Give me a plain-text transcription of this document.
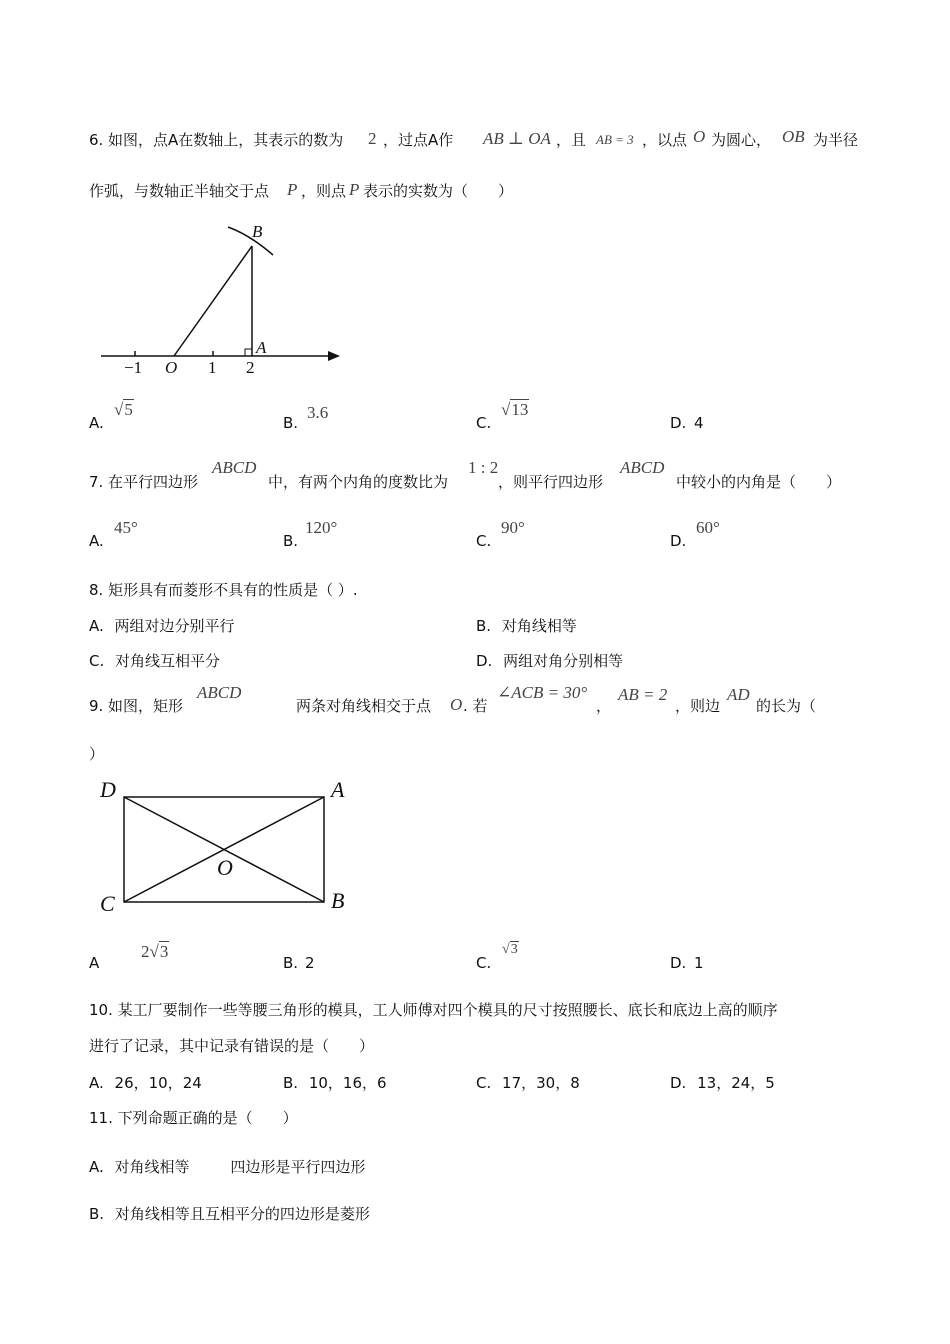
6. 如图，点A在数轴上，其表示的数为 2 ，过点A作 AB ⊥ OA ，且 AB = 3 ，以点 O 为圆心， OB 为半径
作弧，与数轴正半轴交于点 P ，则点 P 表示的实数为（　　）
B
A
O
−1	1 2
A.
√5
B.
3.6
C.
√13
D. 4
7. 在平行四边形
ABCD
中，有两个内角的度数比为
1 : 2
，则平行四边形
ABCD
中较小的内角是（　　）
A.
45°
B.
120°
C.
90°
D.
60°
8. 矩形具有而菱形不具有的性质是（ ）.
A. 两组对边分别平行	B. 对角线相等
C. 对角线互相平分	D. 两组对角分别相等
9. 如图，矩形
ABCD
两条对角线相交于点 O . 若
∠ACB = 30°
，
AB = 2
，则边
AD
的长为（
）
D	A
C	B
O
A
2√3
B. 2	C.
√3
D. 1
10. 某工厂要制作一些等腰三角形的模具，工人师傅对四个模具的尺寸按照腰长、底长和底边上高的顺序
进行了记录，其中记录有错误的是（　　）
A. 26，10，24	B. 10，16，6	C. 17，30，8	D. 13，24，5
11. 下列命题正确的是（　　）
A. 对角线相等	四边形是平行四边形
B. 对角线相等且互相平分的四边形是菱形
